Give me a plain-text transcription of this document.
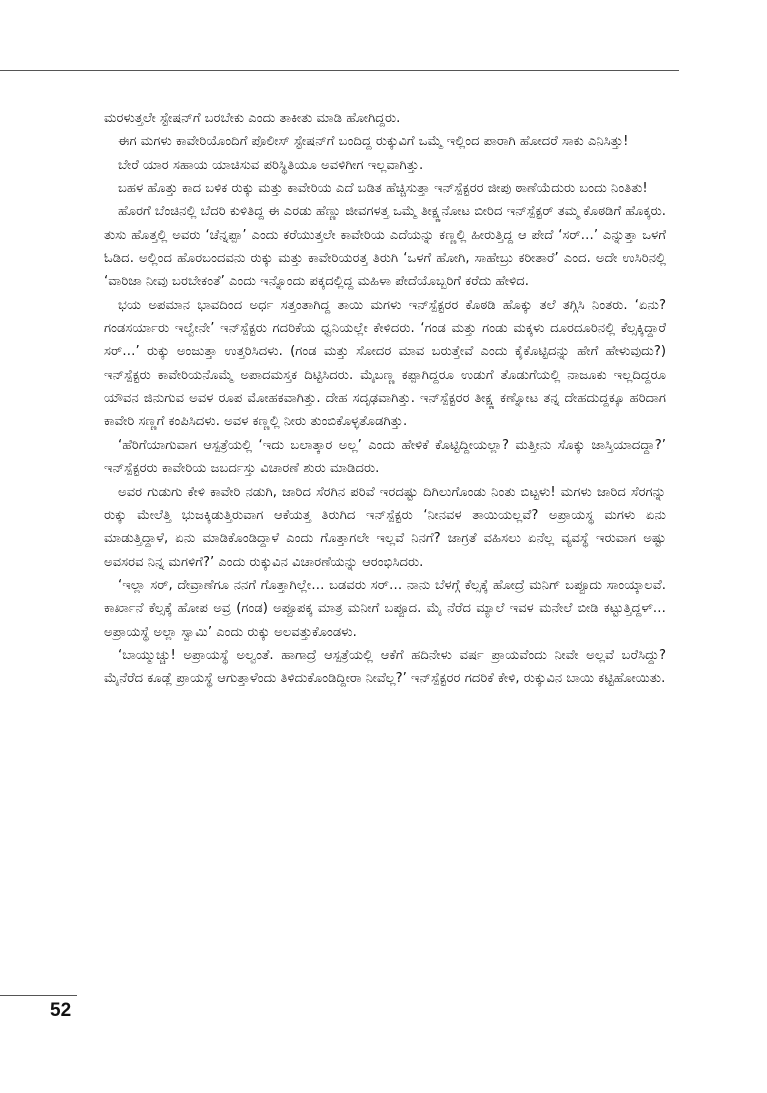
ಮರಳುತ್ತಲೇ ಸ್ಟೇಷನ್‌ಗೆ ಬರಬೇಕು ಎಂದು ತಾಕೀತು ಮಾಡಿ ಹೋಗಿದ್ದರು.

ಈಗ ಮಗಳು ಕಾವೇರಿಯೊಂದಿಗೆ ಪೊಲೀಸ್ ಸ್ಟೇಷನ್‌ಗೆ ಬಂದಿದ್ದ ರುಕ್ಕುವಿಗೆ ಒಮ್ಮೆ ಇಲ್ಲಿಂದ ಪಾರಾಗಿ ಹೋದರೆ ಸಾಕು ಎನಿಸಿತ್ತು!

ಬೇರೆ ಯಾರ ಸಹಾಯ ಯಾಚಿಸುವ ಪರಿಸ್ಥಿತಿಯೂ ಅವಳಿಗೀಗ ಇಲ್ಲವಾಗಿತ್ತು.

ಬಹಳ ಹೊತ್ತು ಕಾದ ಬಳಿಕ ರುಕ್ಕು ಮತ್ತು ಕಾವೇರಿಯ ಎದೆ ಬಡಿತ ಹೆಚ್ಚಿಸುತ್ತಾ ಇನ್‌ಸ್ಪೆಕ್ಟರರ ಜೀಪು ಠಾಣೆಯೆದುರು ಬಂದು ನಿಂತಿತು!

ಹೊರಗೆ ಬೆಂಚಿನಲ್ಲಿ ಬೆದರಿ ಕುಳಿತಿದ್ದ ಈ ಎರಡು ಹೆಣ್ಣು ಜೀವಗಳತ್ತ ಒಮ್ಮೆ ತೀಕ್ಷ್ಣನೋಟ ಬೀರಿದ ಇನ್‌ಸ್ಪೆಕ್ಟರ್ ತಮ್ಮ ಕೊಠಡಿಗೆ ಹೊಕ್ಕರು. ತುಸು ಹೊತ್ತಲ್ಲಿ ಅವರು ‘ಚೆನ್ನಪ್ಪಾ’ ಎಂದು ಕರೆಯುತ್ತಲೇ ಕಾವೇರಿಯ ಎದೆಯನ್ನು ಕಣ್ಣಲ್ಲಿ ಹೀರುತ್ತಿದ್ದ ಆ ಪೇದೆ ‘ಸರ್…’ ಎನ್ನುತ್ತಾ ಒಳಗೆ ಓಡಿದ. ಅಲ್ಲಿಂದ ಹೊರಬಂದವನು ರುಕ್ಕು ಮತ್ತು ಕಾವೇರಿಯರತ್ತ ತಿರುಗಿ ‘ಒಳಗೆ ಹೋಗಿ, ಸಾಹೇಬ್ರು ಕರೀತಾರೆ’ ಎಂದ. ಅದೇ ಉಸಿರಿನಲ್ಲಿ ‘ವಾರಿಜಾ ನೀವು ಬರಬೇಕಂತೆ’ ಎಂದು ಇನ್ನೊಂದು ಪಕ್ಕದಲ್ಲಿದ್ದ ಮಹಿಳಾ ಪೇದೆಯೊಬ್ಬರಿಗೆ ಕರೆದು ಹೇಳಿದ.

ಭಯ ಅಪಮಾನ ಭಾವದಿಂದ ಅರ್ಧ ಸತ್ತಂತಾಗಿದ್ದ ತಾಯಿ ಮಗಳು ಇನ್‌ಸ್ಪೆಕ್ಟರರ ಕೊಠಡಿ ಹೊಕ್ಕು ತಲೆ ತಗ್ಗಿಸಿ ನಿಂತರು. ‘ಏನು? ಗಂಡಸರ್ಯಾರು ಇಲ್ವೇನೇ’ ಇನ್‌ಸ್ಪೆಕ್ಟರು ಗದರಿಕೆಯ ಧ್ವನಿಯಲ್ಲೇ ಕೇಳಿದರು. ‘ಗಂಡ ಮತ್ತು ಗಂಡು ಮಕ್ಕಳು ದೂರದೂರಿನಲ್ಲಿ ಕೆಲ್ಸಕ್ಕಿದ್ದಾರೆ ಸರ್…’ ರುಕ್ಕು ಅಂಜುತ್ತಾ ಉತ್ತರಿಸಿದಳು. (ಗಂಡ ಮತ್ತು ಸೋದರ ಮಾವ ಬರುತ್ತೇವೆ ಎಂದು ಕೈಕೊಟ್ಟಿದನ್ನು ಹೇಗೆ ಹೇಳುವುದು?) ಇನ್‌ಸ್ಪೆಕ್ಟರು ಕಾವೇರಿಯನೊಮ್ಮೆ ಅಪಾದಮಸ್ತಕ ದಿಟ್ಟಿಸಿದರು. ಮೈಬಣ್ಣ ಕಪ್ಪಾಗಿದ್ದರೂ ಉಡುಗೆ ತೊಡುಗೆಯಲ್ಲಿ ನಾಜೂಕು ಇಲ್ಲದಿದ್ದರೂ ಯೌವನ ಜಿನುಗುವ ಅವಳ ರೂಪ ಮೋಹಕವಾಗಿತ್ತು. ದೇಹ ಸದೃಢವಾಗಿತ್ತು. ಇನ್‌ಸ್ಪೆಕ್ಟರರ ತೀಕ್ಷ್ಣ ಕಣ್ನೋಟ ತನ್ನ ದೇಹದುದ್ದಕ್ಕೂ ಹರಿದಾಗ ಕಾವೇರಿ ಸಣ್ಣಗೆ ಕಂಪಿಸಿದಳು. ಅವಳ ಕಣ್ಣಲ್ಲಿ ನೀರು ತುಂಬಿಕೊಳ್ಳತೊಡಗಿತ್ತು.

‘ಹೆರಿಗೆಯಾಗುವಾಗ ಆಸ್ಪತ್ರೆಯಲ್ಲಿ ‘ಇದು ಬಲಾತ್ಕಾರ ಅಲ್ಲ’ ಎಂದು ಹೇಳಿಕೆ ಕೊಟ್ಟಿದ್ದೀಯಲ್ಲಾ? ಮತ್ತೀನು ಸೊಕ್ಕು ಜಾಸ್ತಿಯಾದದ್ದಾ?’ ಇನ್‌ಸ್ಪೆಕ್ಟರರು ಕಾವೇರಿಯ ಜಬರ್ದಸ್ತು ವಿಚಾರಣೆ ಶುರು ಮಾಡಿದರು.

ಅವರ ಗುಡುಗು ಕೇಳಿ ಕಾವೇರಿ ನಡುಗಿ, ಜಾರಿದ ಸೆರಗಿನ ಪರಿವೆ ಇರದಷ್ಟು ದಿಗಿಲುಗೊಂಡು ನಿಂತು ಬಿಟ್ಟಳು! ಮಗಳು ಜಾರಿದ ಸೆರಗನ್ನು ರುಕ್ಕು ಮೇಲೆತ್ತಿ ಭುಜಕ್ಕಿಡುತ್ತಿರುವಾಗ ಆಕೆಯತ್ತ ತಿರುಗಿದ ಇನ್‌ಸ್ಪೆಕ್ಟರು ‘ನೀನವಳ ತಾಯಿಯಲ್ಲವೆ? ಅಪ್ರಾಯಸ್ಥ ಮಗಳು ಏನು ಮಾಡುತ್ತಿದ್ದಾಳೆ, ಏನು ಮಾಡಿಕೊಂಡಿದ್ದಾಳೆ ಎಂದು ಗೊತ್ತಾಗಲೇ ಇಲ್ಲವೆ ನಿನಗೆ? ಜಾಗ್ರತೆ ವಹಿಸಲು ಏನೆಲ್ಲ ವ್ಯವಸ್ಥೆ ಇರುವಾಗ ಅಷ್ಟು ಅವಸರವ ನಿನ್ನ ಮಗಳಿಗೆ?’ ಎಂದು ರುಕ್ಕುವಿನ ವಿಚಾರಣೆಯನ್ನು ಆರಂಭಿಸಿದರು.

‘ಇಲ್ಲಾ ಸರ್, ದೇವ್ರಾಣೆಗೂ ನನಗೆ ಗೊತ್ತಾಗಿಲ್ಲೇ… ಬಡವರು ಸರ್… ನಾನು ಬೆಳಗ್ಗೆ ಕೆಲ್ಸಕ್ಕೆ ಹೋದ್ರೆ ಮನಿಗ್ ಬಪ್ಪೂದು ಸಾಂಯ್ಕಾಲವೆ. ಕಾರ್ಖಾನೆ ಕೆಲ್ಸಕ್ಕೆ ಹೋಪ ಅವ್ರ (ಗಂಡ) ಅಪ್ಪೂಪಕ್ಕ ಮಾತ್ರ ಮನೀಗೆ ಬಪ್ಪೂದ. ಮೈ ನೆರೆದ ಮ್ಯಾಲೆ ಇವಳ ಮನೇಲೆ ಬೀಡಿ ಕಟ್ಟುತ್ತಿದ್ದಳ್… ಅಪ್ರಾಯಸ್ಥೆ ಅಲ್ಲಾ ಸ್ವಾಮಿ’ ಎಂದು ರುಕ್ಕು ಅಲವತ್ತುಕೊಂಡಳು.

‘ಬಾಯ್ಮುಚ್ಚು! ಅಪ್ರಾಯಸ್ಥೆ ಅಲ್ವಂತೆ. ಹಾಗಾದ್ರೆ ಆಸ್ಪತ್ರೆಯಲ್ಲಿ ಆಕೆಗೆ ಹದಿನೇಳು ವರ್ಷ ಪ್ರಾಯವೆಂದು ನೀವೇ ಅಲ್ಲವೆ ಬರೆಸಿದ್ದು? ಮೈನೆರೆದ ಕೂಡ್ಲೆ ಪ್ರಾಯಸ್ಥೆ ಆಗುತ್ತಾಳೆಂದು ತಿಳಿದುಕೊಂಡಿದ್ದೀರಾ ನೀವೆಲ್ಲ?’ ಇನ್‌ಸ್ಪೆಕ್ಟರರ ಗದರಿಕೆ ಕೇಳಿ, ರುಕ್ಕುವಿನ ಬಾಯಿ ಕಟ್ಟಿಹೋಯಿತು.

52
